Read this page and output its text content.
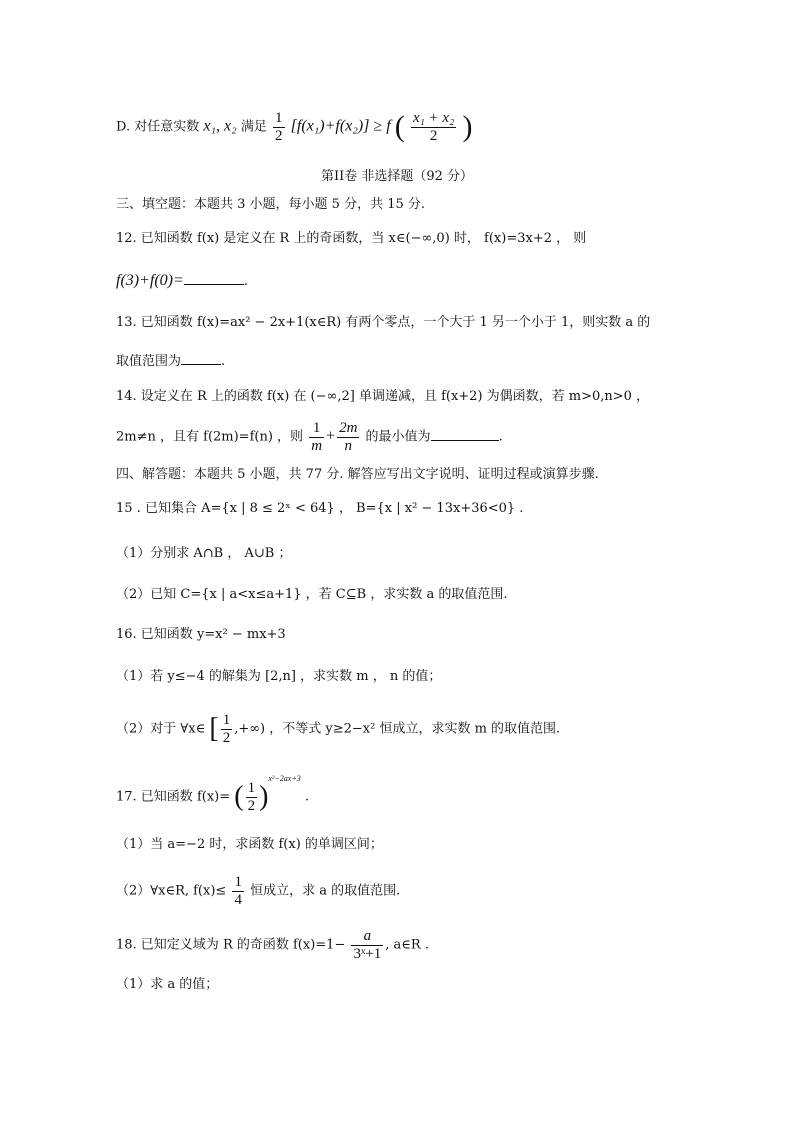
D. 对任意实数 x₁, x₂ 满足 $\frac{1}{2} [f(x_1)+f(x_2)] \ge f$ ( $\frac{\text{x₁ + x₂}}{2}$ )
第II卷 非选择题（92 分）
三、填空题：本题共 3 小题，每小题 5 分，共 15 分.
12. 已知函数 f(x) 是定义在 R 上的奇函数，当 x∈(−∞,0) 时， f(x)=3x+2 ， 则
f(3)+f(0)=	.
13. 已知函数 f(x)=ax² − 2x+1(x∈R) 有两个零点，一个大于 1 另一个小于 1，则实数 a 的
取值范围为	.
14. 设定义在 R 上的函数 f(x) 在 (−∞,2] 单调递减，且 f(x+2) 为偶函数，若 m>0,n>0 ，
2m≠n ，且有 f(2m)=f(n) ，则 $\frac{1}{m} + \frac{2m}{n}$ 的最小值为	.
四、解答题：本题共 5 小题，共 77 分. 解答应写出文字说明、证明过程或演算步骤.
15 . 已知集合 A={x | 8 ≤ 2ˣ < 64} ， B={x | x² − 13x+36<0} .
（1）分别求 A∩B ， A∪B ；
（2）已知 C={x | a<x≤a+1} ，若 C⊆B ，求实数 a 的取值范围.
16. 已知函数 y=x² − mx+3
（1）若 y≤−4 的解集为 [2,n] ，求实数 m ， n 的值；
（2）对于 ∀x∈ [ $\frac{1}{2}$ ,+∞) ，不等式 y≥2−x² 恒成立，求实数 m 的取值范围.
17. 已知函数 f(x)= ( $\frac{1}{2} )^{x^2-2ax+3}$ .
（1）当 a=−2 时，求函数 f(x) 的单调区间；
（2）∀x∈R, $f(x)\le \frac{1}{4}$ 恒成立，求 a 的取值范围.
18. 已知定义域为 R 的奇函数 $f(x)=1- \frac{a}{\text{3ˣ+1}}$ , a∈R .
（1）求 a 的值；
